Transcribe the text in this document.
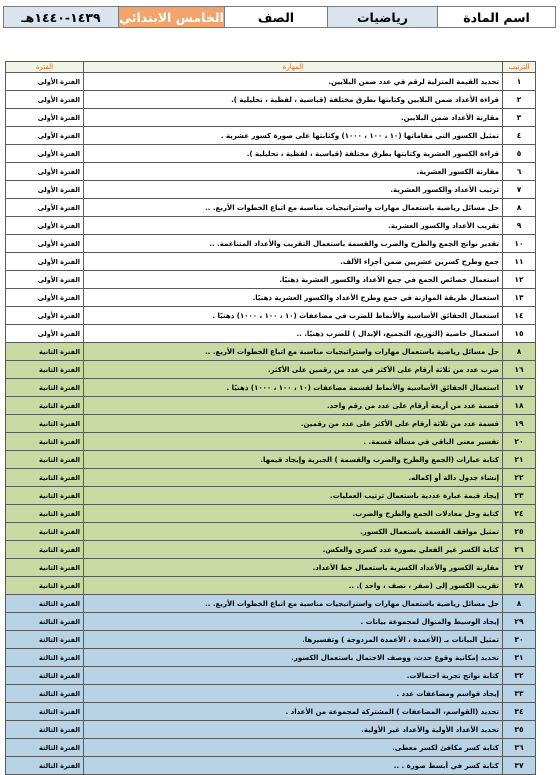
اسم المادة	رياضيات	الصف	الخامس الابتدائي	١٤٣٩-١٤٤٠هـ
الترتيب	المهارة	الفترة
١	تحديد القيمة المنزلية لرقم في عدد ضمن البلايين.	الفترة الأولى
٢	قراءة الأعداد ضمن البلايين وكتابتها بطرق مختلفة (قياسية ، لفظية ، تحليلية ).	الفترة الأولى
٣	مقارنة الأعداد ضمن البلايين.	الفترة الأولى
٤	تمثيل الكسور التي مقاماتها (١٠ ، ١٠٠ ، ١٠٠٠) وكتابتها على صورة كسور عشرية .	الفترة الأولى
٥	قراءة الكسور العشرية وكتابتها بطرق مختلفة (قياسية ، لفظية ، تحليلية ).	الفترة الأولى
٦	مقارنة الكسور العشرية.	الفترة الأولى
٧	ترتيب الأعداد والكسور العشرية.	الفترة الأولى
٨	حل مسائل رياضية باستعمال مهارات واستراتيجيات مناسبة مع اتباع الخطوات الأربع. ..	الفترة الأولى
٩	تقريب الأعداد والكسور العشرية.	الفترة الأولى
١٠	تقدير نواتج الجمع والطرح والضرب والقسمة باستعمال التقريب والأعداد المتناغمة. ..	الفترة الأولى
١١	جمع وطرح كسرين عشريين ضمن أجزاء الألف.	الفترة الأولى
١٢	استعمال خصائص الجمع في جمع الأعداد والكسور العشرية ذهنيًا.	الفترة الأولى
١٣	استعمال طريقة الموازنة في جمع وطرح الأعداد والكسور العشرية ذهنيًا.	الفترة الأولى
١٤	استعمال الحقائق الأساسية والأنماط للضرب في مضاعفات (١٠ ، ١٠٠ ، ١٠٠٠) ذهنيًا .	الفترة الأولى
١٥	استعمال خاصية (التوزيع، التجميع، الإبدال ) للضرب ذهنيًا. ..	الفترة الأولى
٨	حل مسائل رياضية باستعمال مهارات واستراتيجيات مناسبة مع اتباع الخطوات الأربع. ..	الفترة الثانية
١٦	ضرب عدد من ثلاثة أرقام على الأكثر في عدد من رقمين على الأكثر.	الفترة الثانية
١٧	استعمال الحقائق الأساسية والأنماط لقسمة مضاعفات (١٠ ، ١٠٠ ، ١٠٠٠) ذهنيًا .	الفترة الثانية
١٨	قسمة عدد من أربعة أرقام على عدد من رقم واحد.	الفترة الثانية
١٩	قسمة عدد من ثلاثة أرقام على الأكثر على عدد من رقمين.	الفترة الثانية
٢٠	تفسير معنى الباقي في مسألة قسمة. .	الفترة الثانية
٢١	كتابة عبارات (الجمع والطرح والضرب والقسمة ) الجبرية وإيجاد قيمها.	الفترة الثانية
٢٢	إنشاء جدول دالة أو إكماله.	الفترة الثانية
٢٣	إيجاد قيمة عبارة عددية باستعمال ترتيب العمليات.	الفترة الثانية
٢٤	كتابة وحل معادلات الجمع والطرح والضرب.	الفترة الثانية
٢٥	تمثيل مواقف القسمة باستعمال الكسور.	الفترة الثانية
٢٦	كتابة الكسر غير الفعلي بصورة عدد كسري والعكس.	الفترة الثانية
٢٧	مقارنة الكسور والأعداد الكسرية باستعمال خط الأعداد.	الفترة الثانية
٢٨	تقريب الكسور إلى (صفر ، نصف ، واحد ). ..	الفترة الثانية
٨	حل مسائل رياضية باستعمال مهارات واستراتيجيات مناسبة مع اتباع الخطوات الأربع. ..	الفترة الثالثة
٢٩	إيجاد الوسيط والمنوال لمجموعة بيانات .	الفترة الثالثة
٣٠	تمثيل البيانات بـ (الأعمدة ، الأعمدة المزدوجة ) وتفسيرها.	الفترة الثالثة
٣١	تحديد إمكانية وقوع حدث، ووصف الاحتمال باستعمال الكسور.	الفترة الثالثة
٣٢	كتابة نواتج تجربة احتمالات.	الفترة الثالثة
٣٣	إيجاد قواسم ومضاعفات عدد .	الفترة الثالثة
٣٤	تحديد (القواسم، المضاعفات ) المشتركة لمجموعة من الأعداد .	الفترة الثالثة
٣٥	تحديد الأعداد الأولية والأعداد غير الأولية.	الفترة الثالثة
٣٦	كتابة كسر مكافئ لكسر معطى.	الفترة الثالثة
٣٧	كتابة كسر في أبسط صورة . ..	الفترة الثالثة
